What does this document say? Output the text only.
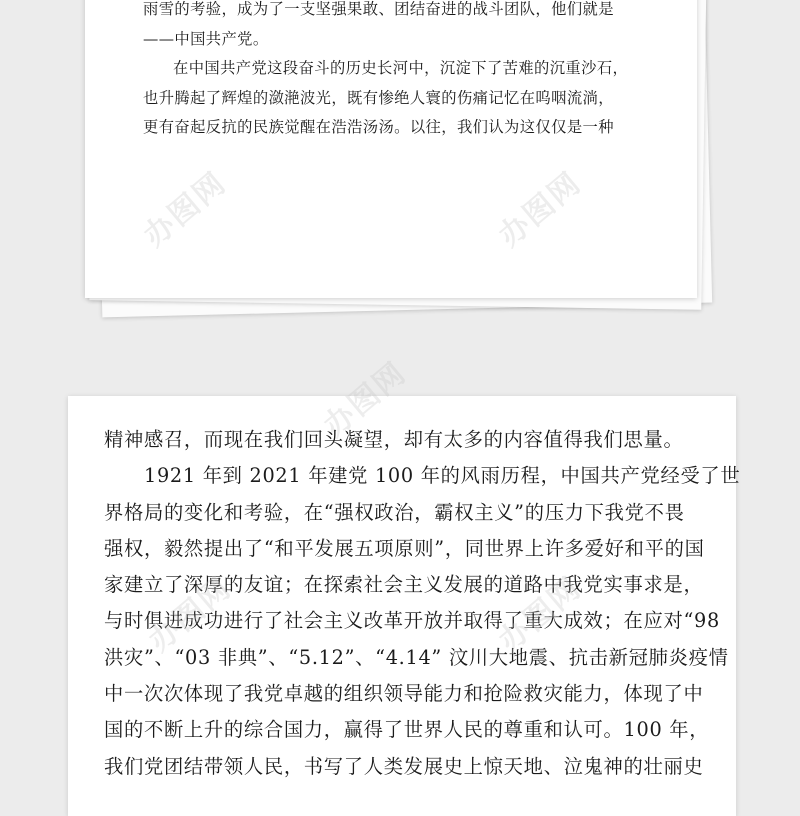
雨雪的考验，成为了一支坚强果敢、团结奋进的战斗团队，他们就是

——中国共产党。

在中国共产党这段奋斗的历史长河中，沉淀下了苦难的沉重沙石，

也升腾起了辉煌的潋滟波光，既有惨绝人寰的伤痛记忆在呜咽流淌，

更有奋起反抗的民族觉醒在浩浩汤汤。以往，我们认为这仅仅是一种

精神感召，而现在我们回头凝望，却有太多的内容值得我们思量。

1921 年到 2021 年建党 100 年的风雨历程，中国共产党经受了世

界格局的变化和考验，在“强权政治，霸权主义”的压力下我党不畏

强权，毅然提出了“和平发展五项原则”，同世界上许多爱好和平的国

家建立了深厚的友谊；在探索社会主义发展的道路中我党实事求是，

与时俱进成功进行了社会主义改革开放并取得了重大成效；在应对“98

洪灾”、“03 非典”、“5.12”、“4.14” 汶川大地震、抗击新冠肺炎疫情

中一次次体现了我党卓越的组织领导能力和抢险救灾能力，体现了中

国的不断上升的综合国力，赢得了世界人民的尊重和认可。100 年，

我们党团结带领人民，书写了人类发展史上惊天地、泣鬼神的壮丽史

办图网	办图网
办图网
办图网	办图网
